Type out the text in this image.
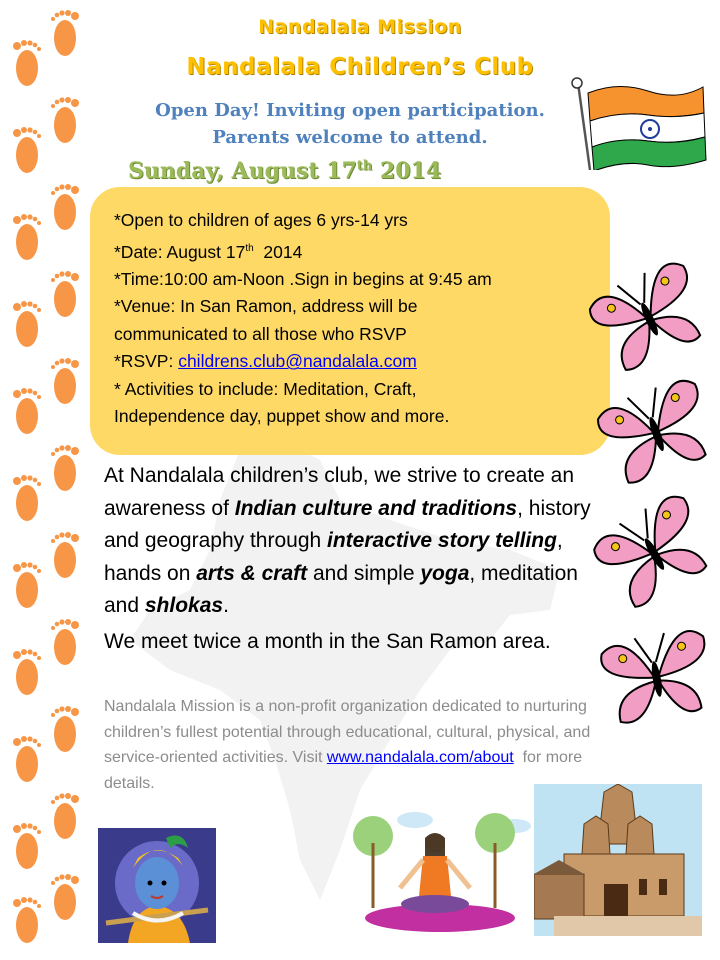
Nandalala Mission
Nandalala Children’s Club
Open Day! Inviting open participation.
Parents welcome to attend.
Sunday, August 17th 2014
*Open to children of ages 6 yrs-14 yrs
*Date: August 17th  2014
*Time:10:00 am-Noon .Sign in begins at 9:45 am
*Venue: In San Ramon, address will be
communicated to all those who RSVP
*RSVP: childrens.club@nandalala.com
* Activities to include: Meditation, Craft,
Independence day, puppet show and more.
At Nandalala children’s club, we strive to create an awareness of Indian culture and traditions, history and geography through interactive story telling, hands on arts & craft and simple yoga, meditation and shlokas.
We meet twice a month in the San Ramon area.
Nandalala Mission is a non-profit organization dedicated to nurturing children’s fullest potential through educational, cultural, physical, and service-oriented activities. Visit www.nandalala.com/about  for more details.
